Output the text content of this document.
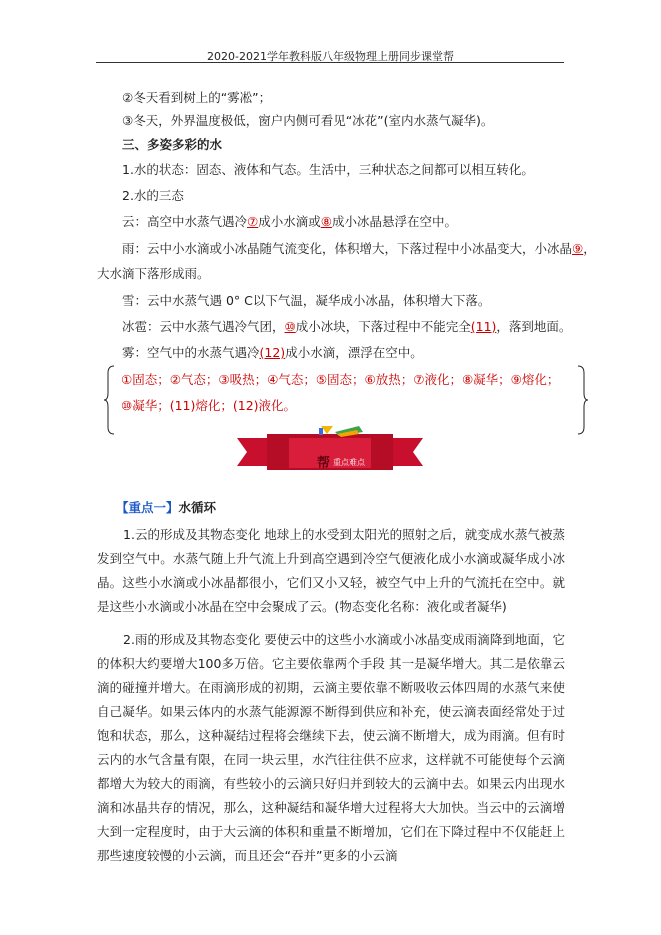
2020-2021学年教科版八年级物理上册同步课堂帮
②冬天看到树上的“雾凇”；
③冬天，外界温度极低，窗户内侧可看见“冰花”(室内水蒸气凝华)。
三、多姿多彩的水
1.水的状态：固态、液体和气态。生活中，三种状态之间都可以相互转化。
2.水的三态
云：高空中水蒸气遇冷⑦成小水滴或⑧成小冰晶悬浮在空中。
雨：云中小水滴或小冰晶随气流变化，体积增大，下落过程中小冰晶变大，小冰晶⑨，
大水滴下落形成雨。
雪：云中水蒸气遇 0° C以下气温，凝华成小冰晶，体积增大下落。
冰雹：云中水蒸气遇冷气团，⑩成小冰块，下落过程中不能完全(11)，落到地面。
雾：空气中的水蒸气遇冷(12)成小水滴，漂浮在空中。
①固态；②气态；③吸热；④气态；⑤固态；⑥放热；⑦液化；⑧凝华；⑨熔化；
⑩凝华；(11)熔化；(12)液化。
帮 重点难点
【重点一】水循环
1.云的形成及其物态变化 地球上的水受到太阳光的照射之后，就变成水蒸气被蒸发到空气中。水蒸气随上升气流上升到高空遇到冷空气便液化成小水滴或凝华成小冰晶。这些小水滴或小冰晶都很小，它们又小又轻，被空气中上升的气流托在空中。就是这些小水滴或小冰晶在空中会聚成了云。(物态变化名称：液化或者凝华)
2.雨的形成及其物态变化 要使云中的这些小水滴或小冰晶变成雨滴降到地面，它的体积大约要增大100多万倍。它主要依靠两个手段 其一是凝华增大。其二是依靠云滴的碰撞并增大。在雨滴形成的初期，云滴主要依靠不断吸收云体四周的水蒸气来使自己凝华。如果云体内的水蒸气能源源不断得到供应和补充，使云滴表面经常处于过饱和状态，那么，这种凝结过程将会继续下去，使云滴不断增大，成为雨滴。但有时云内的水气含量有限，在同一块云里，水汽往往供不应求，这样就不可能使每个云滴都增大为较大的雨滴，有些较小的云滴只好归并到较大的云滴中去。如果云内出现水滴和冰晶共存的情况，那么，这种凝结和凝华增大过程将大大加快。当云中的云滴增大到一定程度时，由于大云滴的体积和重量不断增加，它们在下降过程中不仅能赶上那些速度较慢的小云滴，而且还会“吞并”更多的小云滴
